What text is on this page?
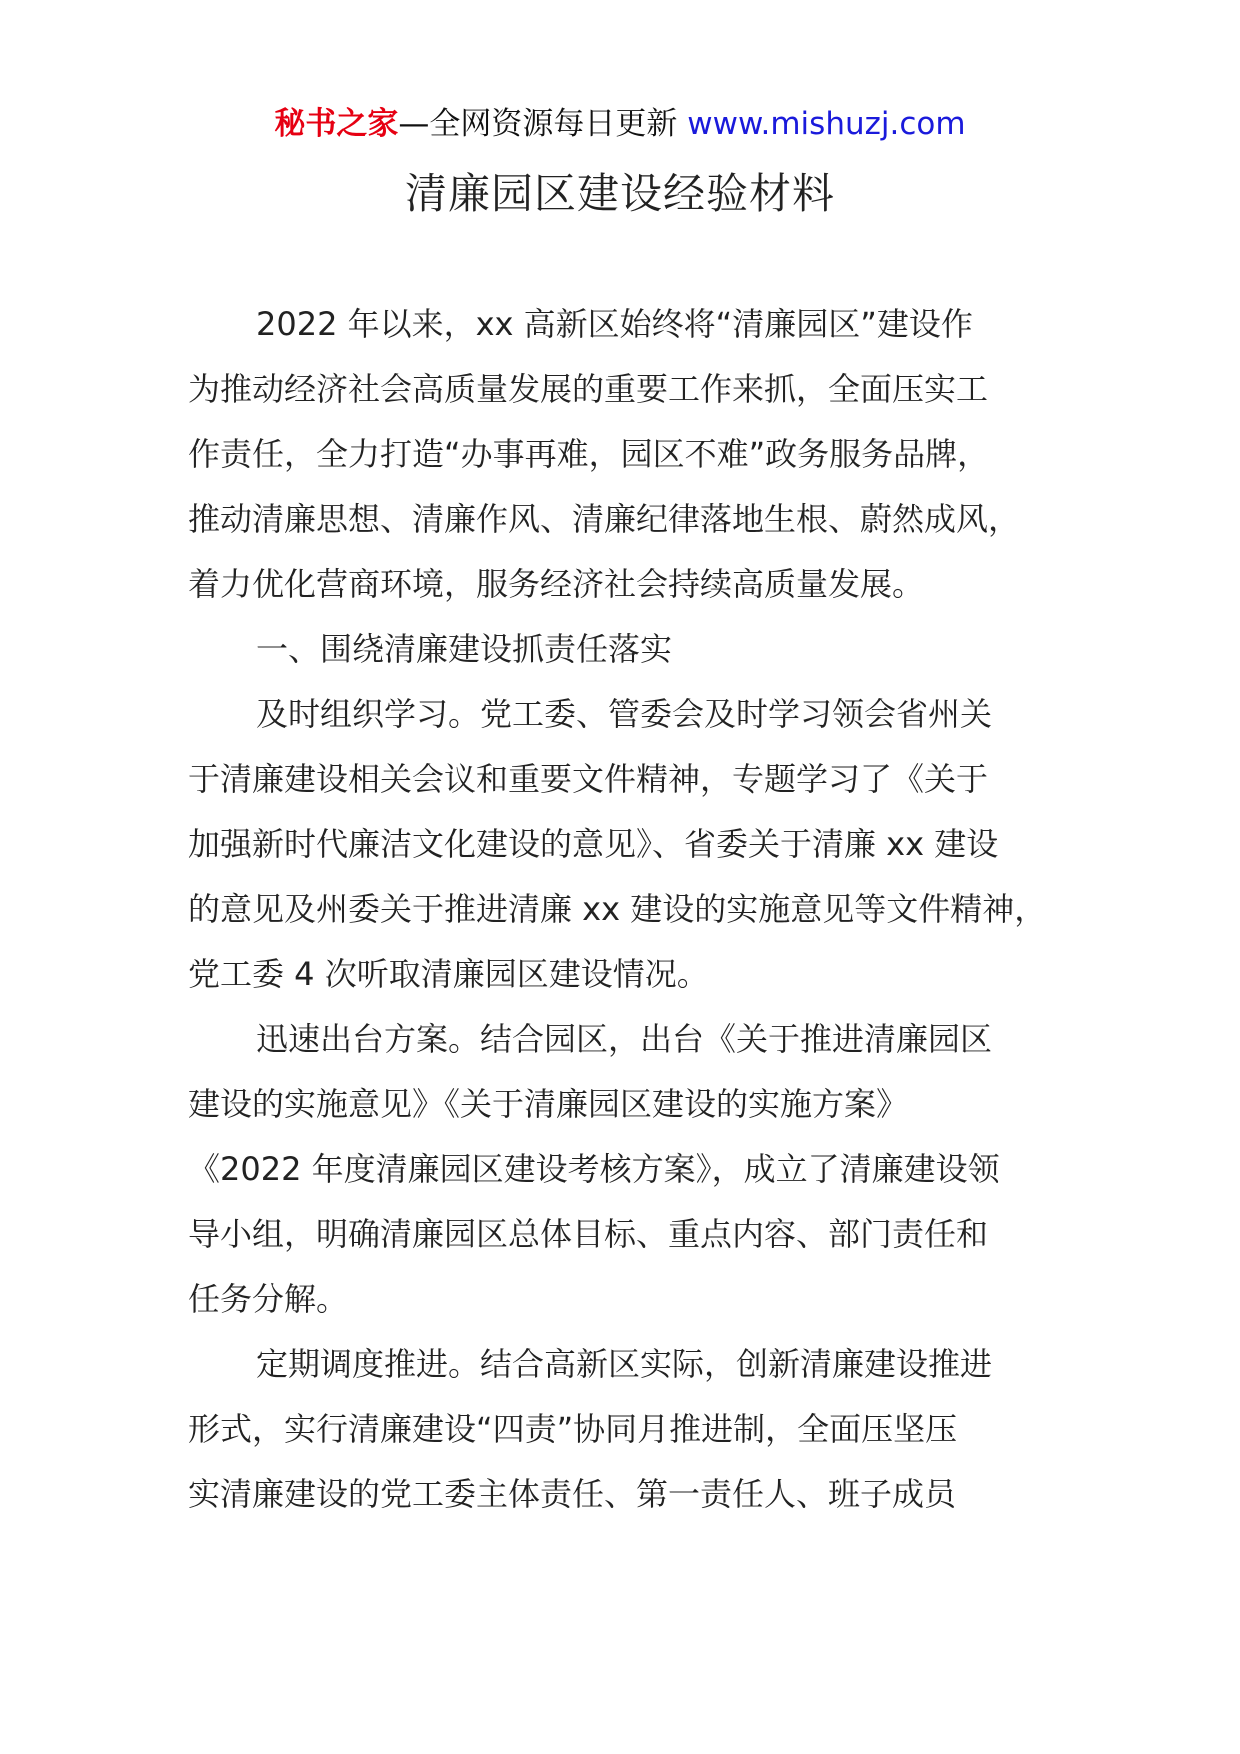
秘书之家—全网资源每日更新 www.mishuzj.com
清廉园区建设经验材料
2022 年以来，xx 高新区始终将“清廉园区”建设作
为推动经济社会高质量发展的重要工作来抓，全面压实工
作责任，全力打造“办事再难，园区不难”政务服务品牌，
推动清廉思想、清廉作风、清廉纪律落地生根、蔚然成风，
着力优化营商环境，服务经济社会持续高质量发展。
一、围绕清廉建设抓责任落实
及时组织学习。党工委、管委会及时学习领会省州关
于清廉建设相关会议和重要文件精神，专题学习了《关于
加强新时代廉洁文化建设的意见》、省委关于清廉 xx 建设
的意见及州委关于推进清廉 xx 建设的实施意见等文件精神，
党工委 4 次听取清廉园区建设情况。
迅速出台方案。结合园区，出台《关于推进清廉园区
建设的实施意见》《关于清廉园区建设的实施方案》
《2022 年度清廉园区建设考核方案》，成立了清廉建设领
导小组，明确清廉园区总体目标、重点内容、部门责任和
任务分解。
定期调度推进。结合高新区实际，创新清廉建设推进
形式，实行清廉建设“四责”协同月推进制，全面压坚压
实清廉建设的党工委主体责任、第一责任人、班子成员
